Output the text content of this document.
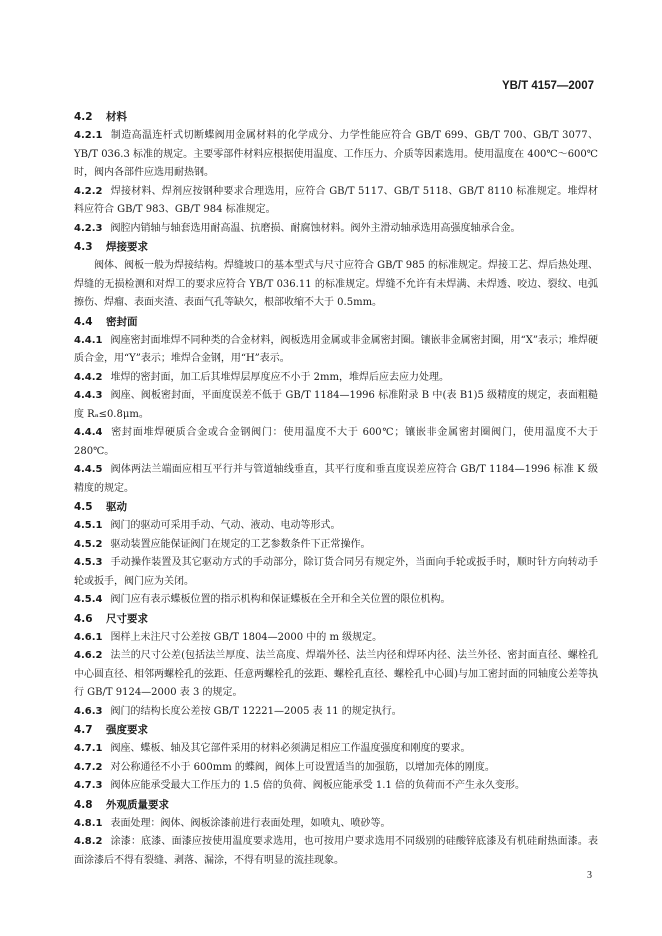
YB/T 4157—2007
4.2 材料
4.2.1 制造高温连杆式切断蝶阀用金属材料的化学成分、力学性能应符合 GB/T 699、GB/T 700、GB/T 3077、YB/T 036.3 标准的规定。主要零部件材料应根据使用温度、工作压力、介质等因素选用。使用温度在 400℃～600℃时，阀内各部件应选用耐热钢。
4.2.2 焊接材料、焊剂应按钢种要求合理选用，应符合 GB/T 5117、GB/T 5118、GB/T 8110 标准规定。堆焊材料应符合 GB/T 983、GB/T 984 标准规定。
4.2.3 阀腔内销轴与轴套选用耐高温、抗磨损、耐腐蚀材料。阀外主滑动轴承选用高强度轴承合金。
4.3 焊接要求
阀体、阀板一般为焊接结构。焊缝坡口的基本型式与尺寸应符合 GB/T 985 的标准规定。焊接工艺、焊后热处理、焊缝的无损检测和对焊工的要求应符合 YB/T 036.11 的标准规定。焊缝不允许有未焊满、未焊透、咬边、裂纹、电弧擦伤、焊瘤、表面夹渣、表面气孔等缺欠，根部收缩不大于 0.5mm。
4.4 密封面
4.4.1 阀座密封面堆焊不同种类的合金材料，阀板选用金属或非金属密封圈。镶嵌非金属密封圈，用“X”表示；堆焊硬质合金，用“Y”表示；堆焊合金钢，用“H”表示。
4.4.2 堆焊的密封面，加工后其堆焊层厚度应不小于 2mm，堆焊后应去应力处理。
4.4.3 阀座、阀板密封面，平面度误差不低于 GB/T 1184—1996 标准附录 B 中(表 B1)5 级精度的规定，表面粗糙度 Rₐ≤0.8μm。
4.4.4 密封面堆焊硬质合金或合金钢阀门：使用温度不大于 600℃；镶嵌非金属密封圈阀门，使用温度不大于 280℃。
4.4.5 阀体两法兰端面应相互平行并与管道轴线垂直，其平行度和垂直度误差应符合 GB/T 1184—1996 标准 K 级精度的规定。
4.5 驱动
4.5.1 阀门的驱动可采用手动、气动、液动、电动等形式。
4.5.2 驱动装置应能保证阀门在规定的工艺参数条件下正常操作。
4.5.3 手动操作装置及其它驱动方式的手动部分，除订货合同另有规定外，当面向手轮或扳手时，顺时针方向转动手轮或扳手，阀门应为关闭。
4.5.4 阀门应有表示蝶板位置的指示机构和保证蝶板在全开和全关位置的限位机构。
4.6 尺寸要求
4.6.1 图样上未注尺寸公差按 GB/T 1804—2000 中的 m 级规定。
4.6.2 法兰的尺寸公差(包括法兰厚度、法兰高度、焊端外径、法兰内径和焊环内径、法兰外径、密封面直径、螺栓孔中心圆直径、相邻两螺栓孔的弦距、任意两螺栓孔的弦距、螺栓孔直径、螺栓孔中心圆)与加工密封面的同轴度公差等执行 GB/T 9124—2000 表 3 的规定。
4.6.3 阀门的结构长度公差按 GB/T 12221—2005 表 11 的规定执行。
4.7 强度要求
4.7.1 阀座、蝶板、轴及其它部件采用的材料必须满足相应工作温度强度和刚度的要求。
4.7.2 对公称通径不小于 600mm 的蝶阀，阀体上可设置适当的加强筋，以增加壳体的刚度。
4.7.3 阀体应能承受最大工作压力的 1.5 倍的负荷、阀板应能承受 1.1 倍的负荷而不产生永久变形。
4.8 外观质量要求
4.8.1 表面处理：阀体、阀板涂漆前进行表面处理，如喷丸、喷砂等。
4.8.2 涂漆：底漆、面漆应按使用温度要求选用，也可按用户要求选用不同级别的硅酸锌底漆及有机硅耐热面漆。表面涂漆后不得有裂缝、剥落、漏涂，不得有明显的流挂现象。
3
